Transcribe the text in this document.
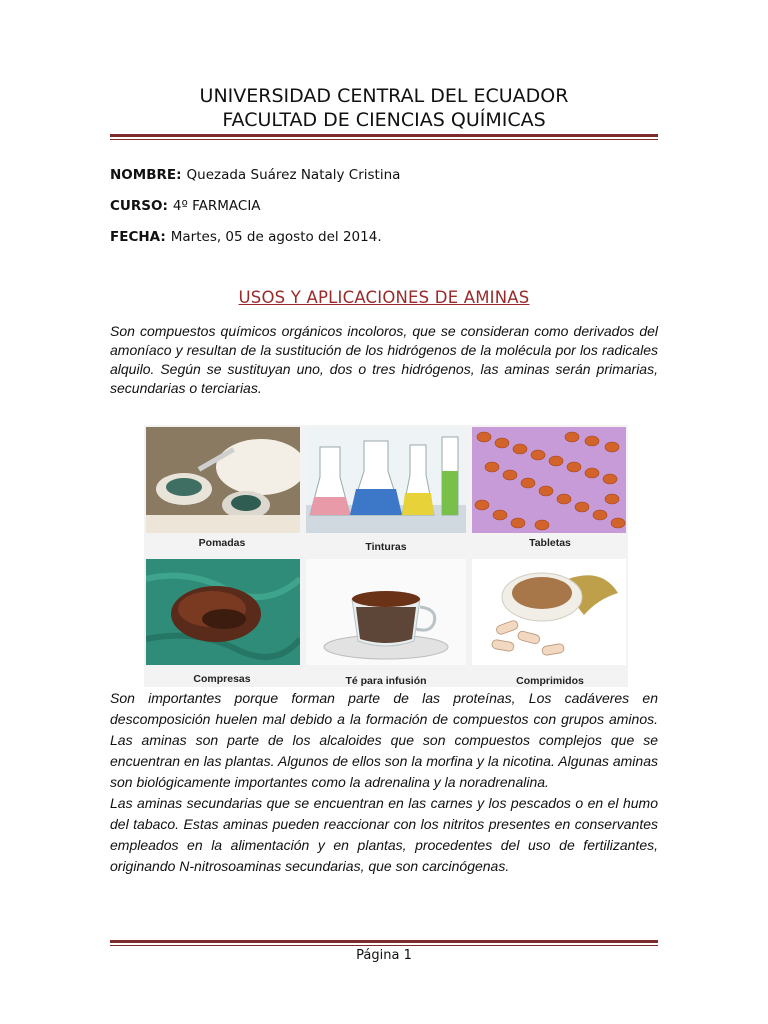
UNIVERSIDAD CENTRAL DEL ECUADOR
FACULTAD DE CIENCIAS QUÍMICAS
NOMBRE: Quezada Suárez Nataly Cristina
CURSO: 4º FARMACIA
FECHA: Martes, 05 de agosto del 2014.
USOS Y APLICACIONES DE AMINAS
Son compuestos químicos orgánicos incoloros, que se consideran como derivados del amoníaco y resultan de la sustitución de los hidrógenos de la molécula por los radicales alquilo. Según se sustituyan uno, dos o tres hidrógenos, las aminas serán primarias, secundarias o terciarias.
Pomadas	Tinturas	Tabletas
Compresas	Té para infusión	Comprimidos
Son importantes porque forman parte de las proteínas, Los cadáveres en descomposición huelen mal debido a la formación de compuestos con grupos aminos. Las aminas son parte de los alcaloides que son compuestos complejos que se encuentran en las plantas. Algunos de ellos son la morfina y la nicotina. Algunas aminas son biológicamente importantes como la adrenalina y la noradrenalina.
Las aminas secundarias que se encuentran en las carnes y los pescados o en el humo del tabaco. Estas aminas pueden reaccionar con los nitritos presentes en conservantes empleados en la alimentación y en plantas, procedentes del uso de fertilizantes, originando N-nitrosoaminas secundarias, que son carcinógenas.
Página 1
